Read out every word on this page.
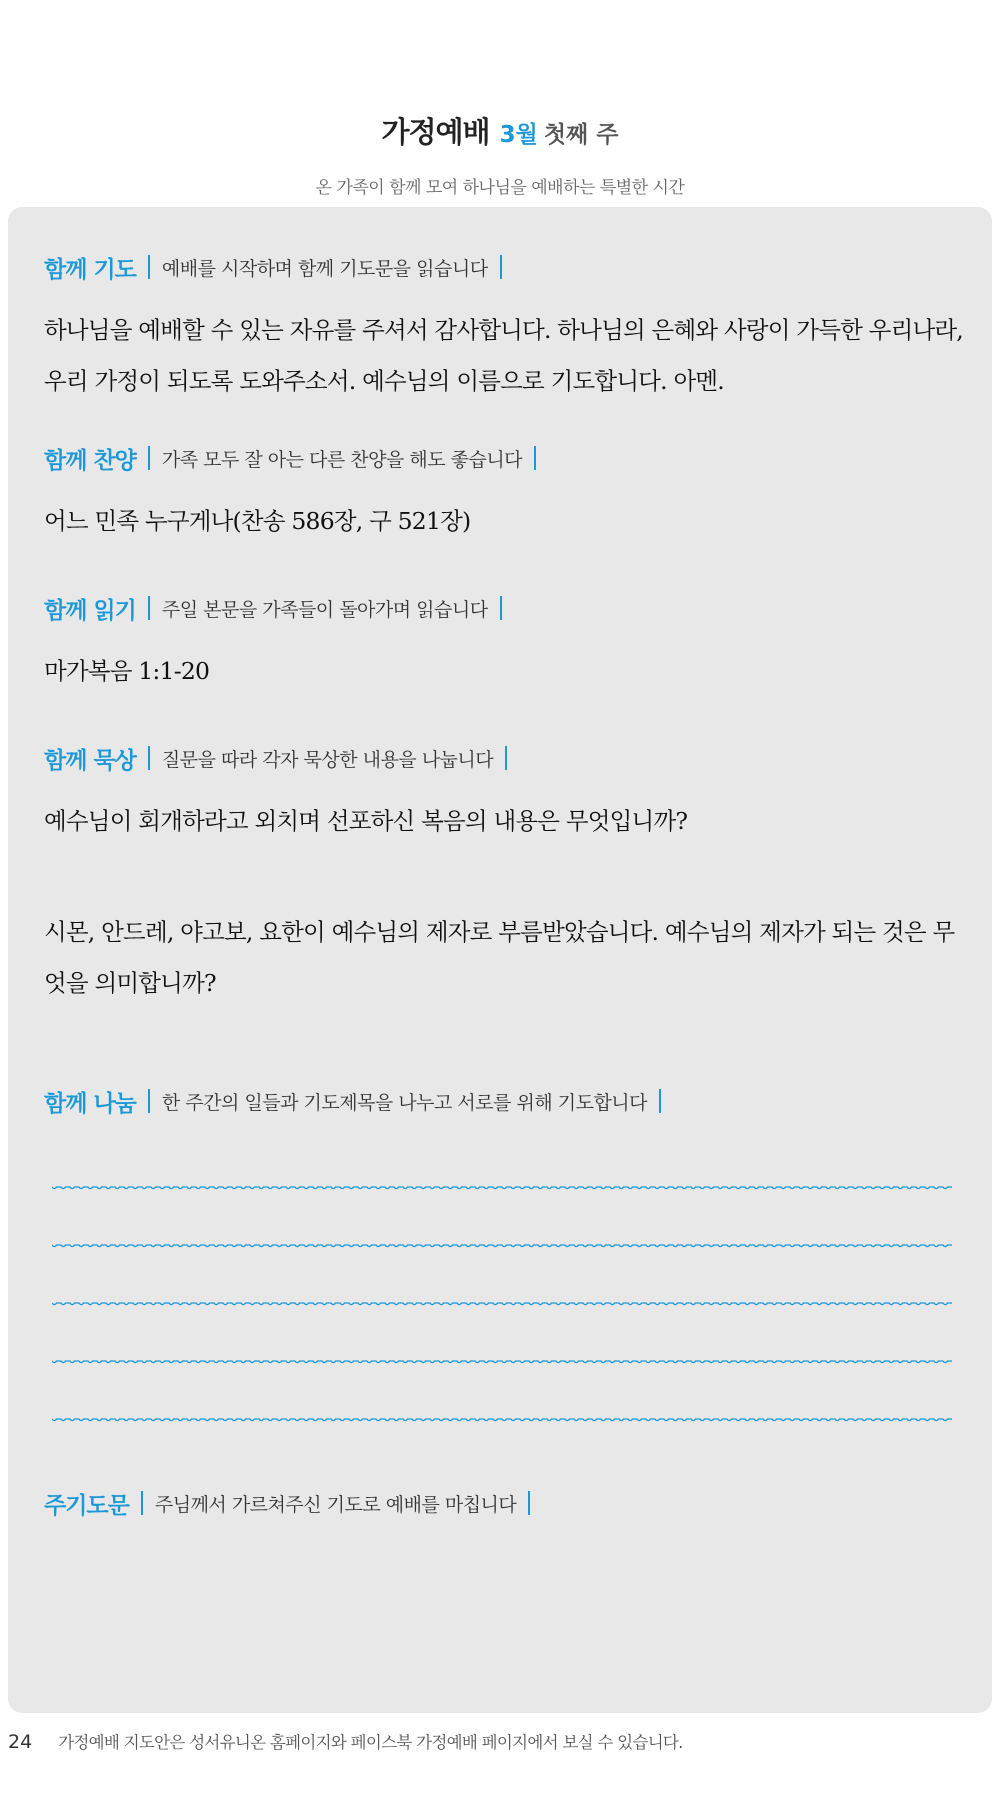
가정예배 3월 첫째 주
온 가족이 함께 모여 하나님을 예배하는 특별한 시간
함께 기도 예배를 시작하며 함께 기도문을 읽습니다
하나님을 예배할 수 있는 자유를 주셔서 감사합니다. 하나님의 은혜와 사랑이 가득한 우리나라, 우리 가정이 되도록 도와주소서. 예수님의 이름으로 기도합니다. 아멘.
함께 찬양 가족 모두 잘 아는 다른 찬양을 해도 좋습니다
어느 민족 누구게나(찬송 586장, 구 521장)
함께 읽기 주일 본문을 가족들이 돌아가며 읽습니다
마가복음 1:1-20
함께 묵상 질문을 따라 각자 묵상한 내용을 나눕니다
예수님이 회개하라고 외치며 선포하신 복음의 내용은 무엇입니까?
시몬, 안드레, 야고보, 요한이 예수님의 제자로 부름받았습니다. 예수님의 제자가 되는 것은 무엇을 의미합니까?
함께 나눔 한 주간의 일들과 기도제목을 나누고 서로를 위해 기도합니다
주기도문 주님께서 가르쳐주신 기도로 예배를 마칩니다
24 가정예배 지도안은 성서유니온 홈페이지와 페이스북 가정예배 페이지에서 보실 수 있습니다.
